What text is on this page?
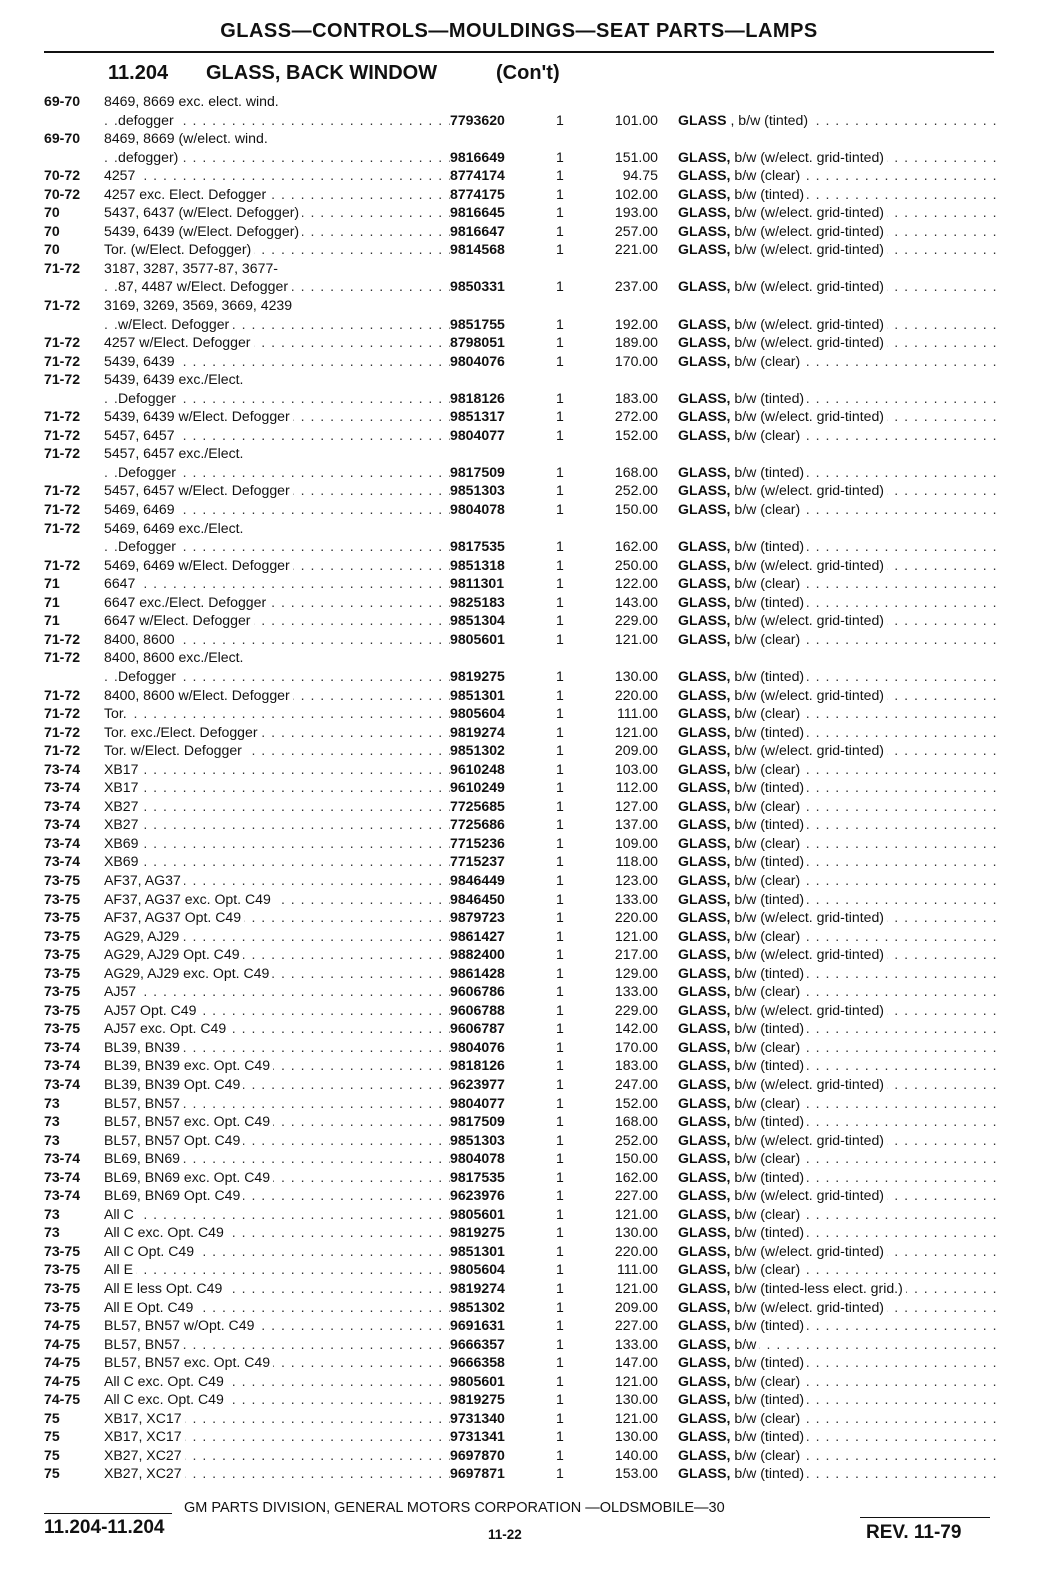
GLASS—CONTROLS—MOULDINGS—SEAT PARTS—LAMPS
11.204 GLASS, BACK WINDOW	(Con't)
69-70	8469, 8669 exc. elect. wind.
defogger . . .	7793620	1	101.00 GLASS , b/w (tinted) . . .
69-70	8469, 8669 (w/elect. wind.
defogger) . . .	9816649	1	151.00 GLASS, b/w (w/elect. grid-tinted) . . .
70-72	4257 . . .	8774174	1	94.75 GLASS, b/w (clear) . . .
70-72	4257 exc. Elect. Defogger . . .	8774175	1	102.00 GLASS, b/w (tinted) . . .
70	5437, 6437 (w/Elect. Defogger) . . .	9816645	1	193.00 GLASS, b/w (w/elect. grid-tinted) . . .
70	5439, 6439 (w/Elect. Defogger) . . .	9816647	1	257.00 GLASS, b/w (w/elect. grid-tinted) . . .
70	Tor. (w/Elect. Defogger) . . .	9814568	1	221.00 GLASS, b/w (w/elect. grid-tinted) . . .
71-72	3187, 3287, 3577-87, 3677-
87, 4487 w/Elect. Defogger . . .	9850331	1	237.00 GLASS, b/w (w/elect. grid-tinted) . . .
71-72	3169, 3269, 3569, 3669, 4239
w/Elect. Defogger . . .	9851755	1	192.00 GLASS, b/w (w/elect. grid-tinted) . . .
71-72	4257 w/Elect. Defogger . . .	8798051	1	189.00 GLASS, b/w (w/elect. grid-tinted) . . .
71-72	5439, 6439 . . .	9804076	1	170.00 GLASS, b/w (clear) . . .
71-72	5439, 6439 exc./Elect.
Defogger . . .	9818126	1	183.00 GLASS, b/w (tinted) . . .
71-72	5439, 6439 w/Elect. Defogger . . .	9851317	1	272.00 GLASS, b/w (w/elect. grid-tinted) . . .
71-72	5457, 6457 . . .	9804077	1	152.00 GLASS, b/w (clear) . . .
71-72	5457, 6457 exc./Elect.
Defogger . . .	9817509	1	168.00 GLASS, b/w (tinted) . . .
71-72	5457, 6457 w/Elect. Defogger . . .	9851303	1	252.00 GLASS, b/w (w/elect. grid-tinted) . . .
71-72	5469, 6469 . . .	9804078	1	150.00 GLASS, b/w (clear) . . .
71-72	5469, 6469 exc./Elect.
Defogger . . .	9817535	1	162.00 GLASS, b/w (tinted) . . .
71-72	5469, 6469 w/Elect. Defogger . . .	9851318	1	250.00 GLASS, b/w (w/elect. grid-tinted) . . .
71	6647 . . .	9811301	1	122.00 GLASS, b/w (clear) . . .
71	6647 exc./Elect. Defogger . . .	9825183	1	143.00 GLASS, b/w (tinted) . . .
71	6647 w/Elect. Defogger . . .	9851304	1	229.00 GLASS, b/w (w/elect. grid-tinted) . . .
71-72	8400, 8600 . . .	9805601	1	121.00 GLASS, b/w (clear) . . .
71-72	8400, 8600 exc./Elect.
Defogger . . .	9819275	1	130.00 GLASS, b/w (tinted) . . .
71-72	8400, 8600 w/Elect. Defogger . . .	9851301	1	220.00 GLASS, b/w (w/elect. grid-tinted) . . .
71-72	Tor. . . .	9805604	1	111.00 GLASS, b/w (clear) . . .
71-72	Tor. exc./Elect. Defogger . . .	9819274	1	121.00 GLASS, b/w (tinted) . . .
71-72	Tor. w/Elect. Defogger . . .	9851302	1	209.00 GLASS, b/w (w/elect. grid-tinted) . . .
73-74	XB17 . . .	9610248	1	103.00 GLASS, b/w (clear) . . .
73-74	XB17 . . .	9610249	1	112.00 GLASS, b/w (tinted) . . .
73-74	XB27 . . .	7725685	1	127.00 GLASS, b/w (clear) . . .
73-74	XB27 . . .	7725686	1	137.00 GLASS, b/w (tinted) . . .
73-74	XB69 . . .	7715236	1	109.00 GLASS, b/w (clear) . . .
73-74	XB69 . . .	7715237	1	118.00 GLASS, b/w (tinted) . . .
73-75	AF37, AG37 . . .	9846449	1	123.00 GLASS, b/w (clear) . . .
73-75	AF37, AG37 exc. Opt. C49 . . .	9846450	1	133.00 GLASS, b/w (tinted) . . .
73-75	AF37, AG37 Opt. C49 . . .	9879723	1	220.00 GLASS, b/w (w/elect. grid-tinted) . . .
73-75	AG29, AJ29 . . .	9861427	1	121.00 GLASS, b/w (clear) . . .
73-75	AG29, AJ29 Opt. C49 . . .	9882400	1	217.00 GLASS, b/w (w/elect. grid-tinted) . . .
73-75	AG29, AJ29 exc. Opt. C49 . . .	9861428	1	129.00 GLASS, b/w (tinted) . . .
73-75	AJ57 . . .	9606786	1	133.00 GLASS, b/w (clear) . . .
73-75	AJ57 Opt. C49 . . .	9606788	1	229.00 GLASS, b/w (w/elect. grid-tinted) . . .
73-75	AJ57 exc. Opt. C49 . . .	9606787	1	142.00 GLASS, b/w (tinted) . . .
73-74	BL39, BN39 . . .	9804076	1	170.00 GLASS, b/w (clear) . . .
73-74	BL39, BN39 exc. Opt. C49 . . .	9818126	1	183.00 GLASS, b/w (tinted) . . .
73-74	BL39, BN39 Opt. C49 . . .	9623977	1	247.00 GLASS, b/w (w/elect. grid-tinted) . . .
73	BL57, BN57 . . .	9804077	1	152.00 GLASS, b/w (clear) . . .
73	BL57, BN57 exc. Opt. C49 . . .	9817509	1	168.00 GLASS, b/w (tinted) . . .
73	BL57, BN57 Opt. C49 . . .	9851303	1	252.00 GLASS, b/w (w/elect. grid-tinted) . . .
73-74	BL69, BN69 . . .	9804078	1	150.00 GLASS, b/w (clear) . . .
73-74	BL69, BN69 exc. Opt. C49 . . .	9817535	1	162.00 GLASS, b/w (tinted) . . .
73-74	BL69, BN69 Opt. C49 . . .	9623976	1	227.00 GLASS, b/w (w/elect. grid-tinted) . . .
73	All C . . .	9805601	1	121.00 GLASS, b/w (clear) . . .
73	All C exc. Opt. C49 . . .	9819275	1	130.00 GLASS, b/w (tinted) . . .
73-75	All C Opt. C49 . . .	9851301	1	220.00 GLASS, b/w (w/elect. grid-tinted) . . .
73-75	All E . . .	9805604	1	111.00 GLASS, b/w (clear) . . .
73-75	All E less Opt. C49 . . .	9819274	1	121.00 GLASS, b/w (tinted-less elect. grid.) . . .
73-75	All E Opt. C49 . . .	9851302	1	209.00 GLASS, b/w (w/elect. grid-tinted) . . .
74-75	BL57, BN57 w/Opt. C49 . . .	9691631	1	227.00 GLASS, b/w (tinted) . . .
74-75	BL57, BN57 . . .	9666357	1	133.00 GLASS, b/w . . .
74-75	BL57, BN57 exc. Opt. C49 . . .	9666358	1	147.00 GLASS, b/w (tinted) . . .
74-75	All C exc. Opt. C49 . . .	9805601	1	121.00 GLASS, b/w (clear) . . .
74-75	All C exc. Opt. C49 . . .	9819275	1	130.00 GLASS, b/w (tinted) . . .
75	XB17, XC17 . . .	9731340	1	121.00 GLASS, b/w (clear) . . .
75	XB17, XC17 . . .	9731341	1	130.00 GLASS, b/w (tinted) . . .
75	XB27, XC27 . . .	9697870	1	140.00 GLASS, b/w (clear) . . .
75	XB27, XC27 . . .	9697871	1	153.00 GLASS, b/w (tinted) . . .
GM PARTS DIVISION, GENERAL MOTORS CORPORATION —OLDSMOBILE—30
11.204-11.204	11-22	REV. 11-79
